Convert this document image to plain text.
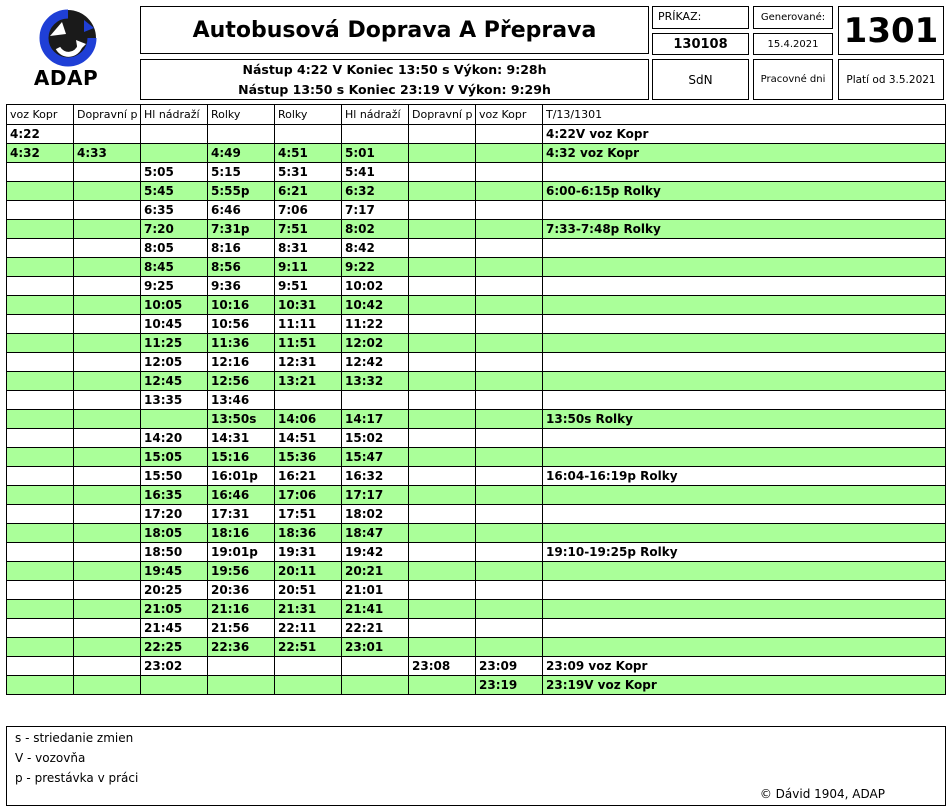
ADAP
Autobusová Doprava A Přeprava
Nástup 4:22 V Koniec 13:50 s Výkon: 9:28h
Nástup 13:50 s Koniec 23:19 V Výkon: 9:29h
PRÍKAZ:
130108
Generované:
15.4.2021 1301
SdN	Pracovné dni	Platí od 3.5.2021
voz Kopr	Dopravní p	Hl nádraží	Rolky	Rolky	Hl nádraží	Dopravní p	voz Kopr	T/13/1301
4:22								4:22V voz Kopr
4:32	4:33		4:49	4:51	5:01			4:32 voz Kopr
		5:05	5:15	5:31	5:41			
		5:45	5:55p	6:21	6:32			6:00-6:15p Rolky
		6:35	6:46	7:06	7:17			
		7:20	7:31p	7:51	8:02			7:33-7:48p Rolky
		8:05	8:16	8:31	8:42			
		8:45	8:56	9:11	9:22			
		9:25	9:36	9:51	10:02			
		10:05	10:16	10:31	10:42			
		10:45	10:56	11:11	11:22			
		11:25	11:36	11:51	12:02			
		12:05	12:16	12:31	12:42			
		12:45	12:56	13:21	13:32			
		13:35	13:46					
			13:50s	14:06	14:17			13:50s Rolky
		14:20	14:31	14:51	15:02			
		15:05	15:16	15:36	15:47			
		15:50	16:01p	16:21	16:32			16:04-16:19p Rolky
		16:35	16:46	17:06	17:17			
		17:20	17:31	17:51	18:02			
		18:05	18:16	18:36	18:47			
		18:50	19:01p	19:31	19:42			19:10-19:25p Rolky
		19:45	19:56	20:11	20:21			
		20:25	20:36	20:51	21:01			
		21:05	21:16	21:31	21:41			
		21:45	21:56	22:11	22:21			
		22:25	22:36	22:51	23:01			
		23:02				23:08	23:09	23:09 voz Kopr
							23:19	23:19V voz Kopr
s - striedanie zmien
V - vozovňa
p - prestávka v práci
© Dávid 1904, ADAP
